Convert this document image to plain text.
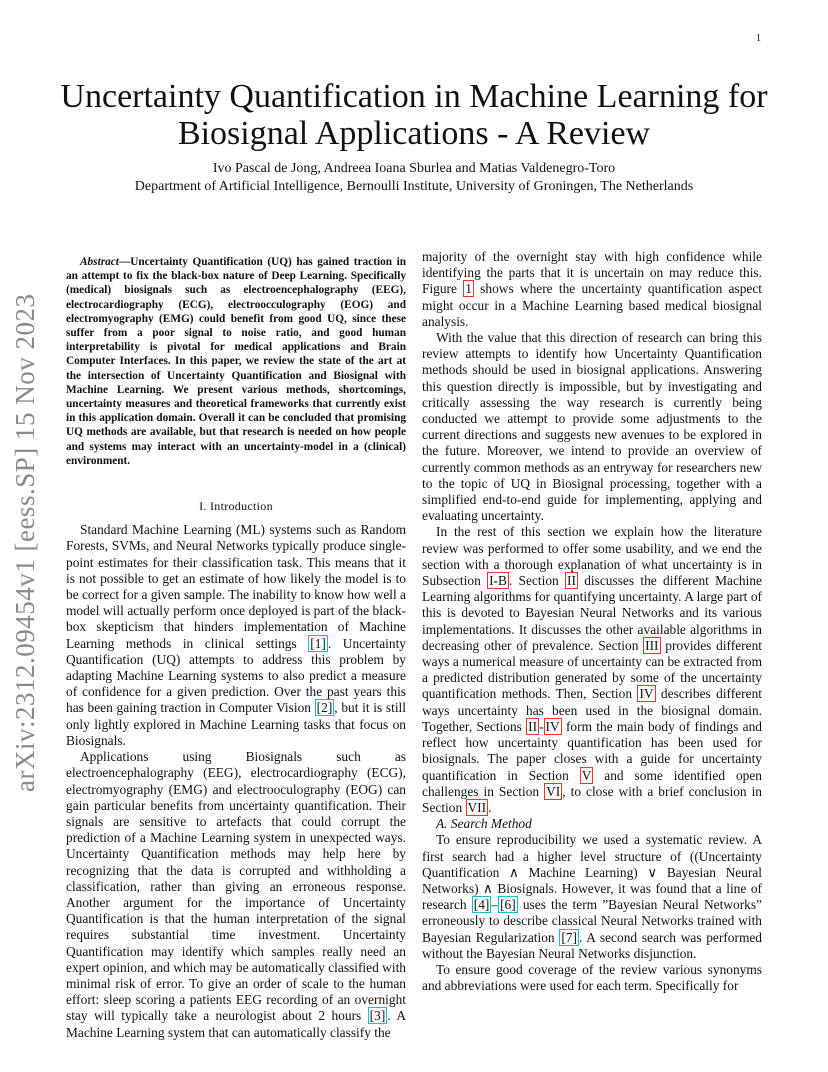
1
arXiv:2312.09454v1 [eess.SP] 15 Nov 2023
Uncertainty Quantification in Machine Learning for Biosignal Applications - A Review
Ivo Pascal de Jong, Andreea Ioana Sburlea and Matias Valdenegro-Toro
Department of Artificial Intelligence, Bernoulli Institute, University of Groningen, The Netherlands

Abstract—Uncertainty Quantification (UQ) has gained traction in an attempt to fix the black-box nature of Deep Learning. Specifically (medical) biosignals such as electroencephalography (EEG), electrocardiography (ECG), electroocculography (EOG) and electromyography (EMG) could benefit from good UQ, since these suffer from a poor signal to noise ratio, and good human interpretability is pivotal for medical applications and Brain Computer Interfaces. In this paper, we review the state of the art at the intersection of Uncertainty Quantification and Biosignal with Machine Learning. We present various methods, shortcomings, uncertainty measures and theoretical frameworks that currently exist in this application domain. Overall it can be concluded that promising UQ methods are available, but that research is needed on how people and systems may interact with an uncertainty-model in a (clinical) environment.

I. Introduction

Standard Machine Learning (ML) systems such as Random Forests, SVMs, and Neural Networks typically produce single-point estimates for their classification task. This means that it is not possible to get an estimate of how likely the model is to be correct for a given sample. The inability to know how well a model will actually perform once deployed is part of the black-box skepticism that hinders implementation of Machine Learning methods in clinical settings [1] . Uncertainty Quantification (UQ) attempts to address this problem by adapting Machine Learning systems to also predict a measure of confidence for a given prediction. Over the past years this has been gaining traction in Computer Vision [2] , but it is still only lightly explored in Machine Learning tasks that focus on Biosignals.

Applications using Biosignals such as electroencephalography (EEG), electrocardiography (ECG), electromyography (EMG) and electrooculography (EOG) can gain particular benefits from uncertainty quantification. Their signals are sensitive to artefacts that could corrupt the prediction of a Machine Learning system in unexpected ways. Uncertainty Quantification methods may help here by recognizing that the data is corrupted and withholding a classification, rather than giving an erroneous response. Another argument for the importance of Uncertainty Quantification is that the human interpretation of the signal requires substantial time investment. Uncertainty Quantification may identify which samples really need an expert opinion, and which may be automatically classified with minimal risk of error. To give an order of scale to the human effort: sleep scoring a patients EEG recording of an overnight stay will typically take a neurologist about 2 hours [3] . A Machine Learning system that can automatically classify the

majority of the overnight stay with high confidence while identifying the parts that it is uncertain on may reduce this. Figure 1 shows where the uncertainty quantification aspect might occur in a Machine Learning based medical biosignal analysis.

With the value that this direction of research can bring this review attempts to identify how Uncertainty Quantification methods should be used in biosignal applications. Answering this question directly is impossible, but by investigating and critically assessing the way research is currently being conducted we attempt to provide some adjustments to the current directions and suggests new avenues to be explored in the future. Moreover, we intend to provide an overview of currently common methods as an entryway for researchers new to the topic of UQ in Biosignal processing, together with a simplified end-to-end guide for implementing, applying and evaluating uncertainty.

In the rest of this section we explain how the literature review was performed to offer some usability, and we end the section with a thorough explanation of what uncertainty is in Subsection I-B . Section II discusses the different Machine Learning algorithms for quantifying uncertainty. A large part of this is devoted to Bayesian Neural Networks and its various implementations. It discusses the other available algorithms in decreasing other of prevalence. Section III provides different ways a numerical measure of uncertainty can be extracted from a predicted distribution generated by some of the uncertainty quantification methods. Then, Section IV describes different ways uncertainty has been used in the biosignal domain. Together, Sections II - IV form the main body of findings and reflect how uncertainty quantification has been used for biosignals. The paper closes with a guide for uncertainty quantification in Section V and some identified open challenges in Section VI , to close with a brief conclusion in Section VII .

A. Search Method

To ensure reproducibility we used a systematic review. A first search had a higher level structure of ((Uncertainty Quantification ∧ Machine Learning) ∨ Bayesian Neural Networks) ∧ Biosignals. However, it was found that a line of research [4] – [6] uses the term ”Bayesian Neural Networks” erroneously to describe classical Neural Networks trained with Bayesian Regularization [7] . A second search was performed without the Bayesian Neural Networks disjunction.

To ensure good coverage of the review various synonyms and abbreviations were used for each term. Specifically for
